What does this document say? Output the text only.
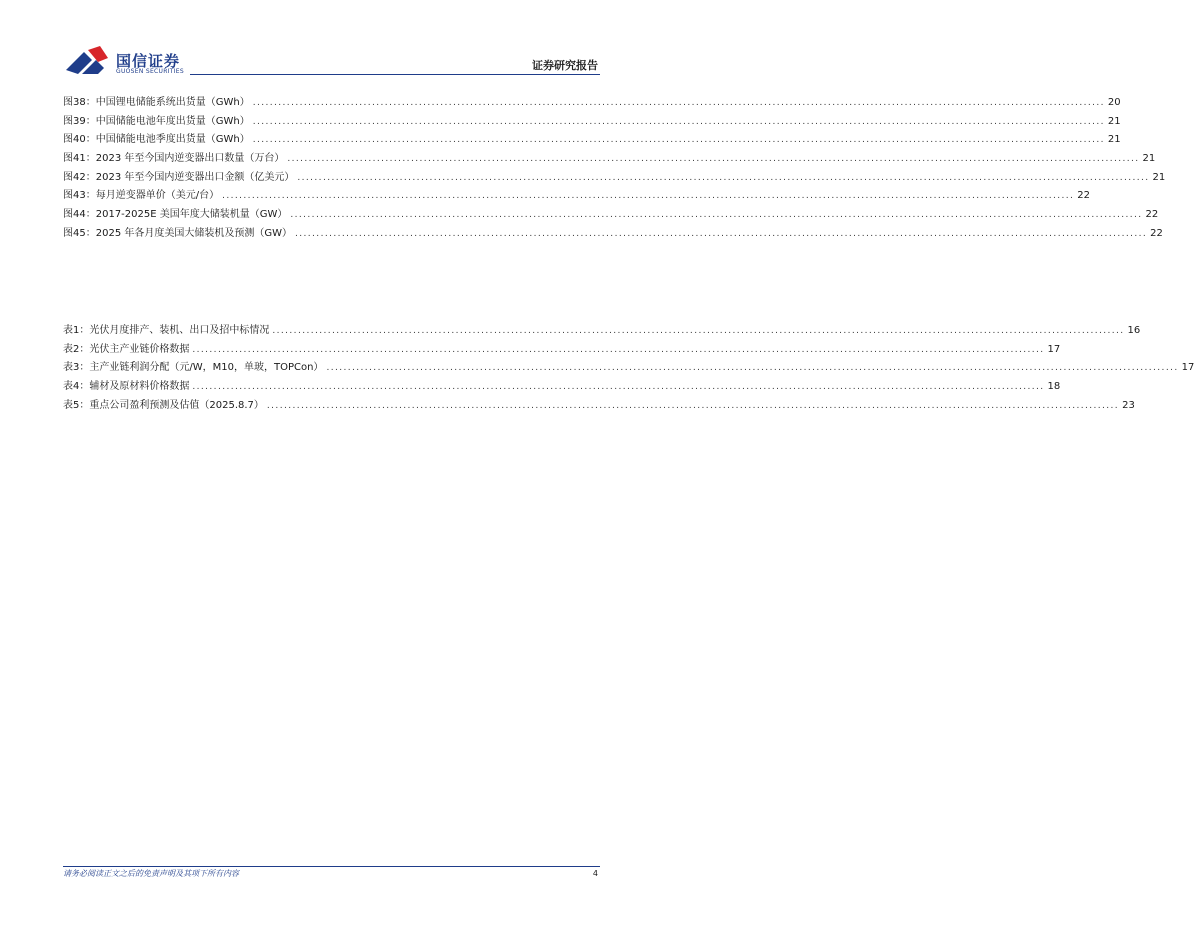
国信证券
GUOSEN SECURITIES	证券研究报告
图38： 中国锂电储能系统出货量（GWh） ........................................................................................................................................................................................................ 20
图39： 中国储能电池年度出货量（GWh） ........................................................................................................................................................................................................ 21
图40： 中国储能电池季度出货量（GWh） ........................................................................................................................................................................................................ 21
图41： 2023 年至今国内逆变器出口数量（万台） ........................................................................................................................................................................................................ 21
图42： 2023 年至今国内逆变器出口金额（亿美元） ........................................................................................................................................................................................................ 21
图43： 每月逆变器单价（美元/台） ........................................................................................................................................................................................................ 22
图44： 2017-2025E 美国年度大储装机量（GW） ........................................................................................................................................................................................................ 22
图45： 2025 年各月度美国大储装机及预测（GW） ........................................................................................................................................................................................................ 22
表1： 光伏月度排产、装机、出口及招中标情况 ........................................................................................................................................................................................................ 16
表2： 光伏主产业链价格数据 ........................................................................................................................................................................................................ 17
表3： 主产业链利润分配（元/W，M10，单玻，TOPCon） ........................................................................................................................................................................................................ 17
表4： 辅材及原材料价格数据 ........................................................................................................................................................................................................ 18
表5： 重点公司盈利预测及估值（2025.8.7） ........................................................................................................................................................................................................ 23
请务必阅读正文之后的免责声明及其项下所有内容	4
